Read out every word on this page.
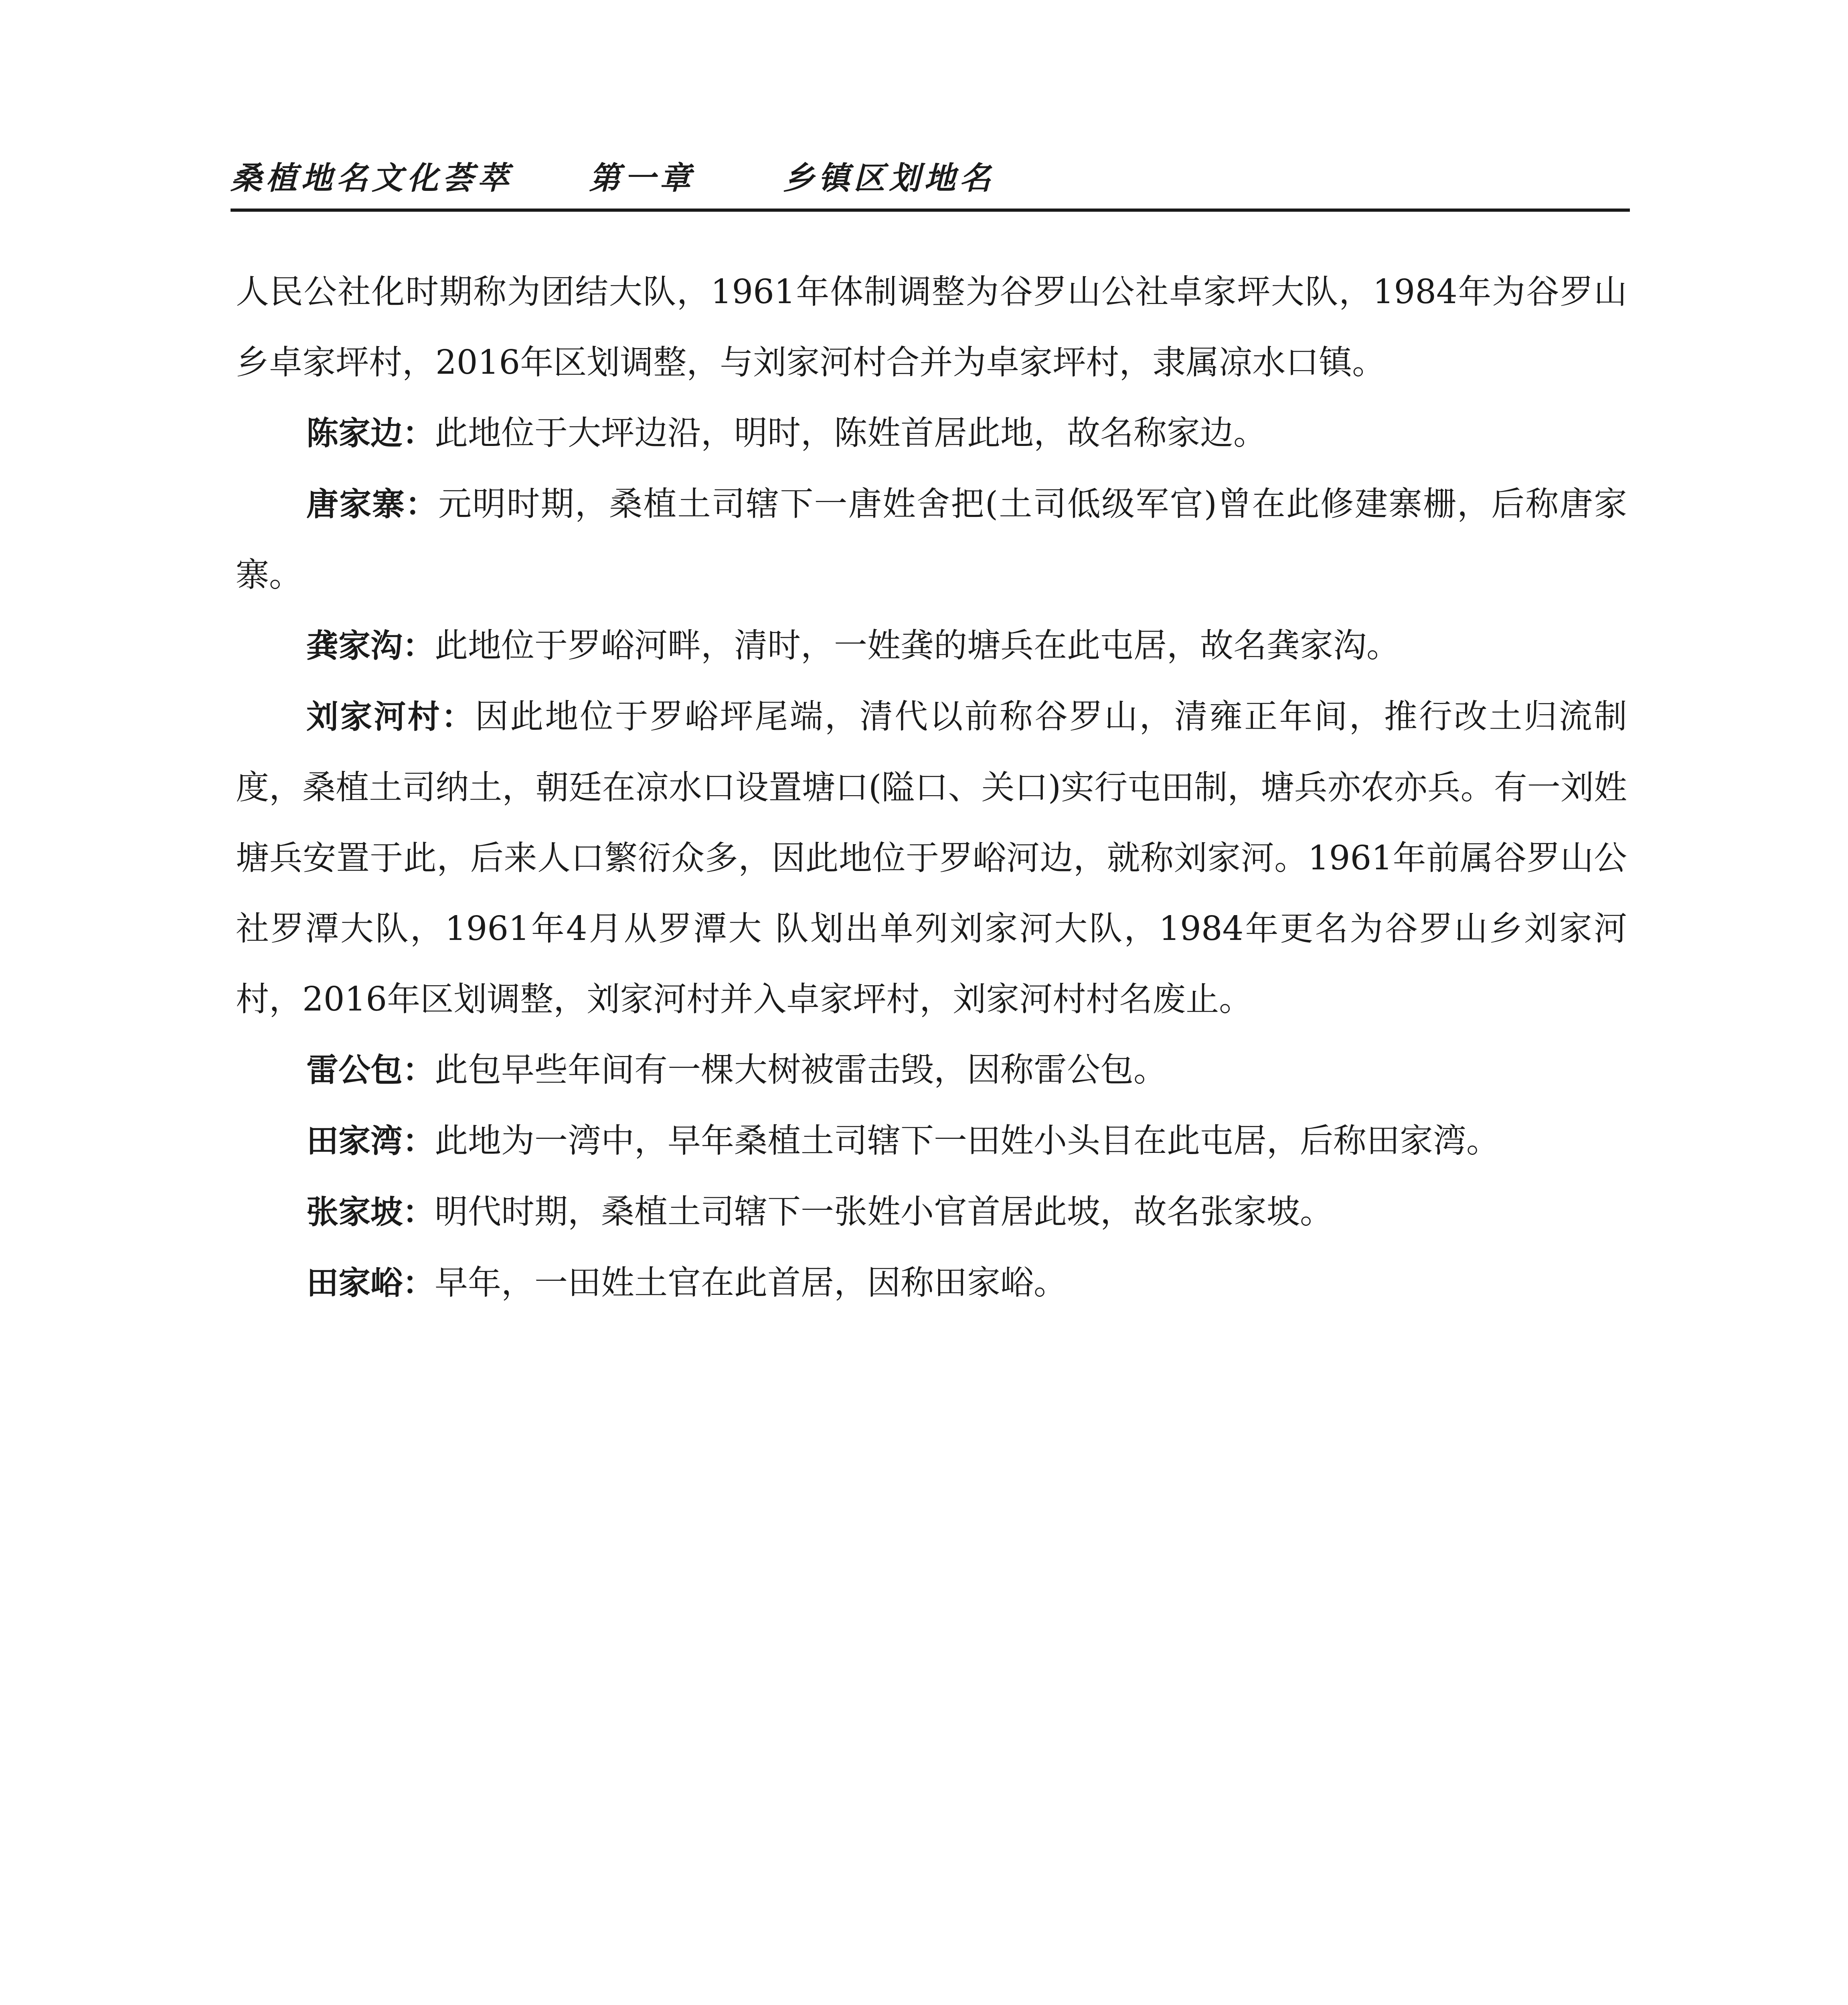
桑植地名文化荟萃 第一章	乡镇区划地名

人民公社化时期称为团结大队，1961年体制调整为谷罗山公社卓家坪大队，1984年为谷罗山乡卓家坪村，2016年区划调整，与刘家河村合并为卓家坪村，隶属凉水口镇。

陈家边：此地位于大坪边沿，明时，陈姓首居此地，故名称家边。

唐家寨：元明时期，桑植土司辖下一唐姓舍把(土司低级军官)曾在此修建寨栅，后称唐家寨。

龚家沟：此地位于罗峪河畔，清时，一姓龚的塘兵在此屯居，故名龚家沟。

刘家河村：因此地位于罗峪坪尾端，清代以前称谷罗山，清雍正年间，推行改土归流制度，桑植土司纳土，朝廷在凉水口设置塘口(隘口、关口)实行屯田制，塘兵亦农亦兵。有一刘姓塘兵安置于此，后来人口繁衍众多，因此地位于罗峪河边，就称刘家河。1961年前属谷罗山公社罗潭大队，1961年4月从罗潭大 队划出单列刘家河大队，1984年更名为谷罗山乡刘家河村，2016年区划调整，刘家河村并入卓家坪村，刘家河村村名废止。

雷公包：此包早些年间有一棵大树被雷击毁，因称雷公包。

田家湾：此地为一湾中，早年桑植土司辖下一田姓小头目在此屯居，后称田家湾。

张家坡：明代时期，桑植土司辖下一张姓小官首居此坡，故名张家坡。

田家峪：早年，一田姓土官在此首居，因称田家峪。
